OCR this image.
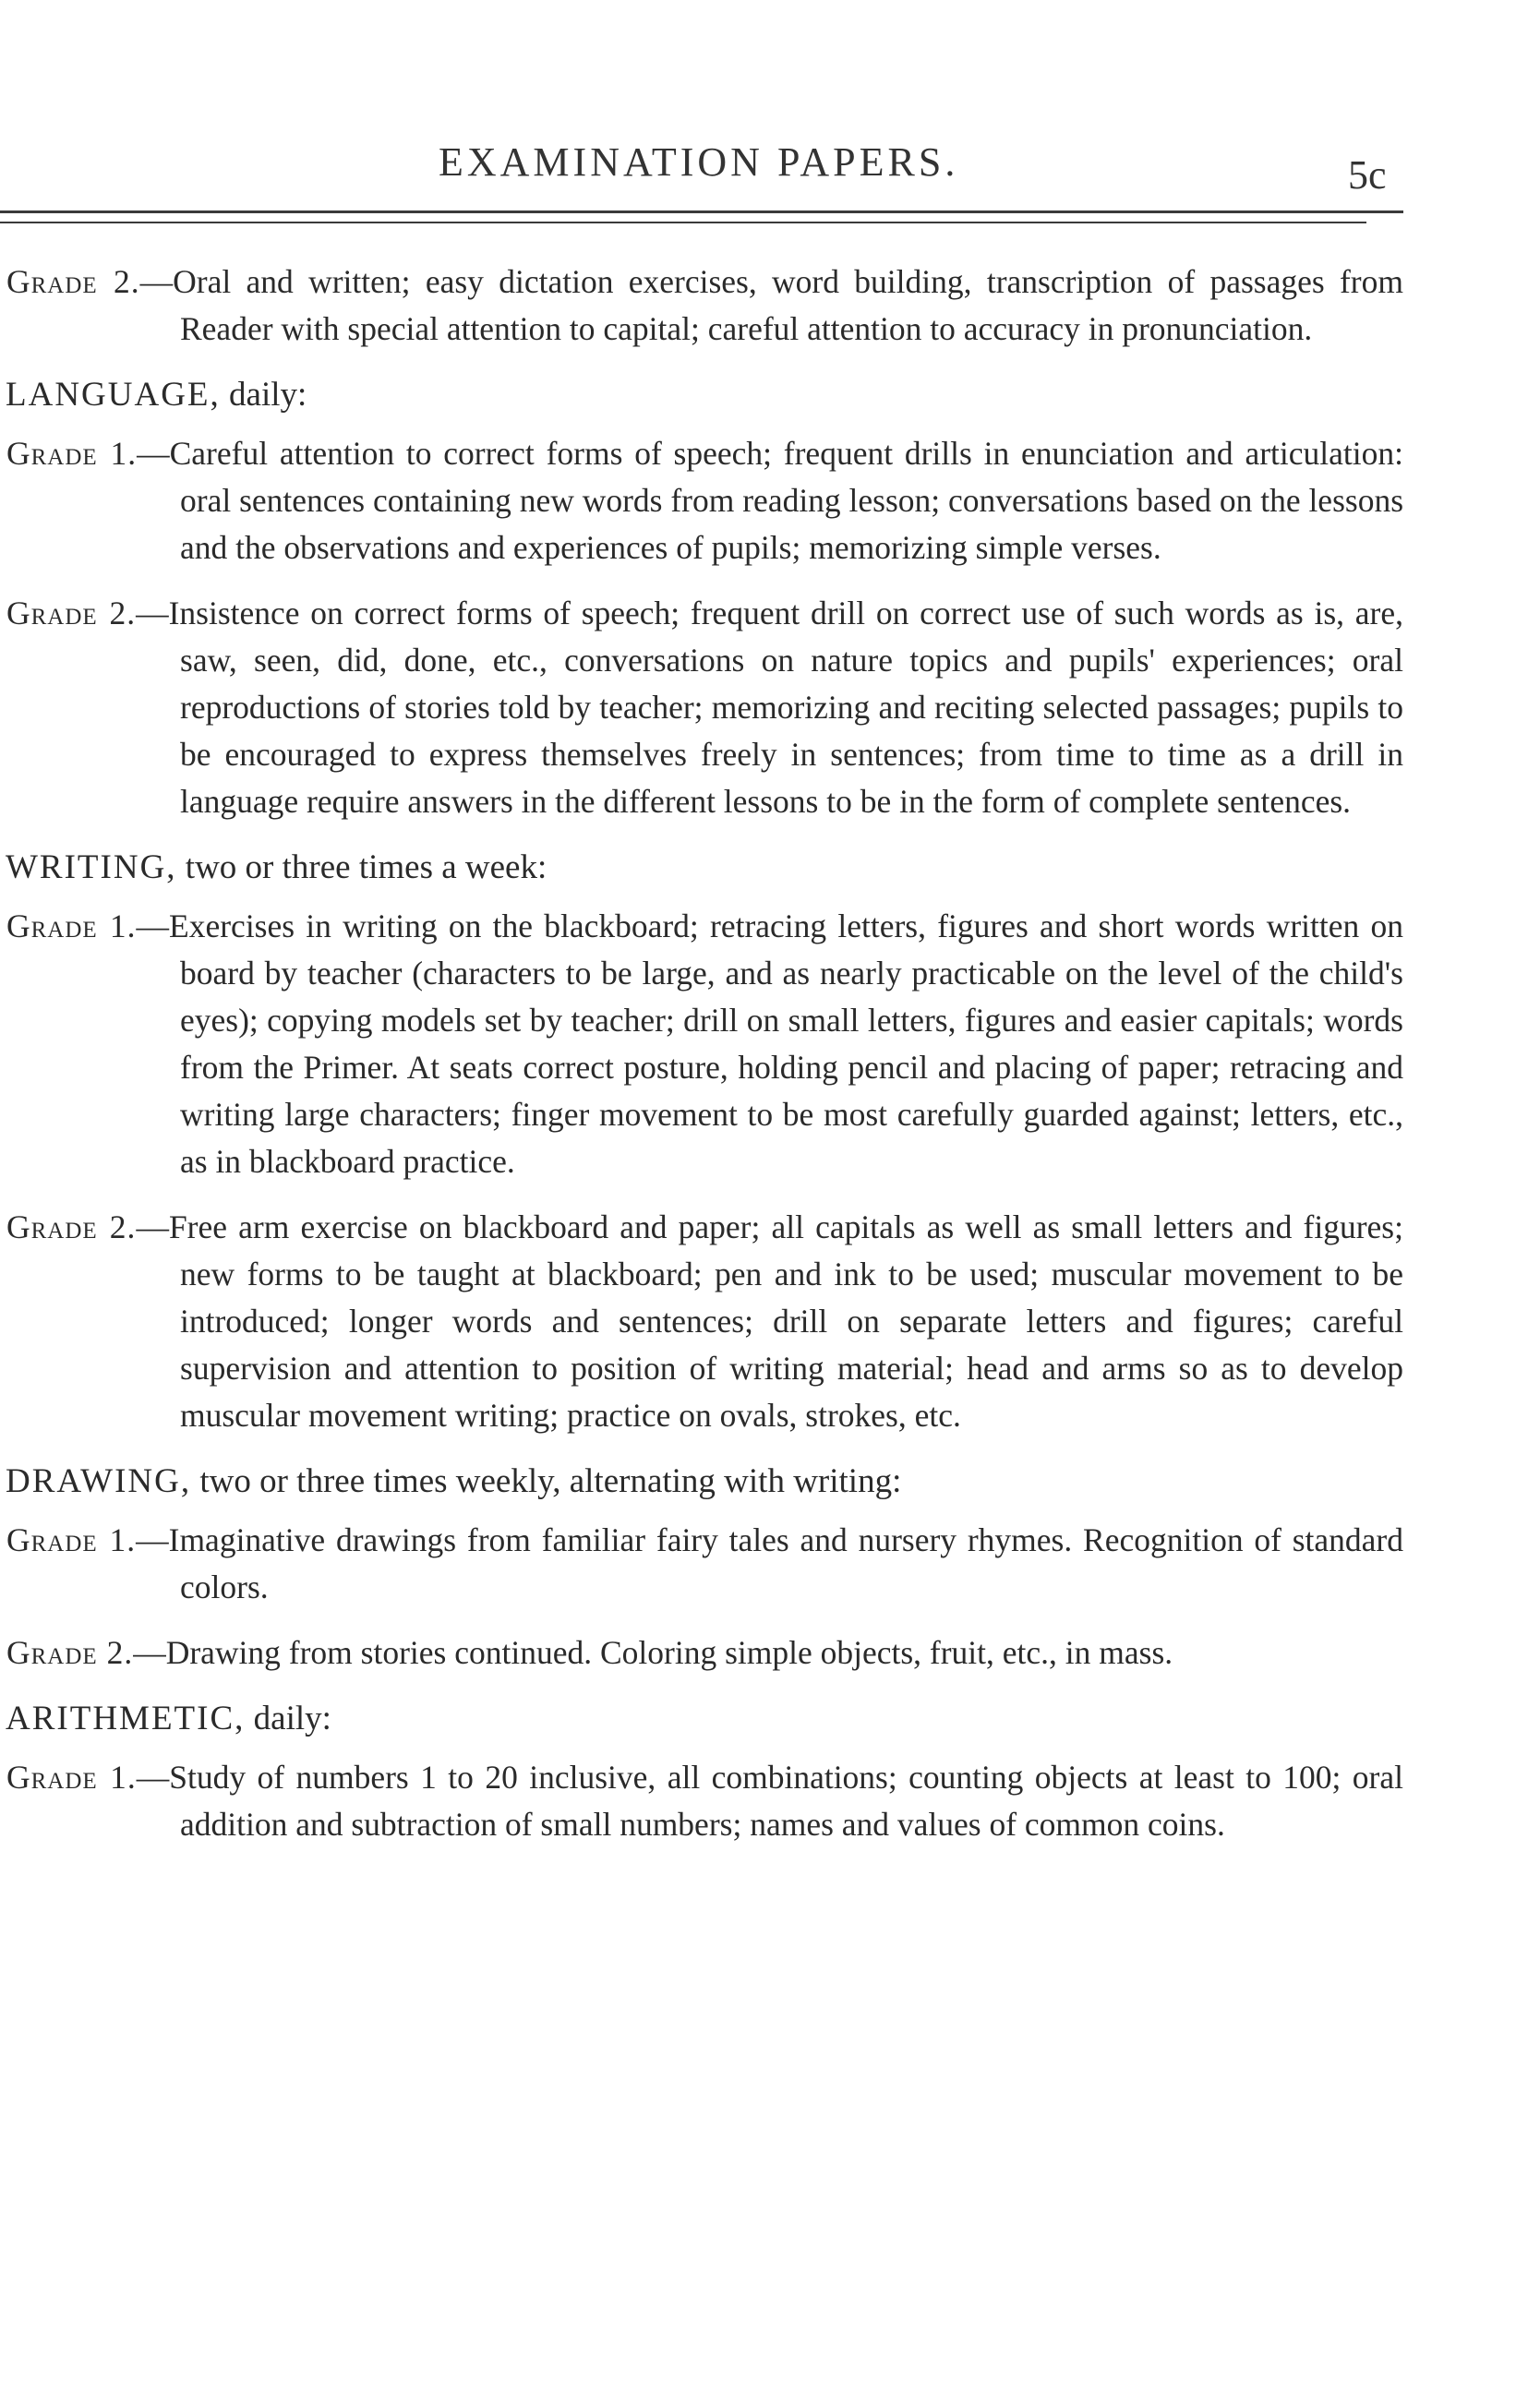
EXAMINATION PAPERS.	5c

Grade 2.—Oral and written; easy dictation exercises, word building, transcription of passages from Reader with special attention to capital; careful attention to accuracy in pronunciation.

LANGUAGE, daily:

Grade 1.—Careful attention to correct forms of speech; frequent drills in enunciation and articulation: oral sentences containing new words from reading lesson; conversations based on the lessons and the observations and experiences of pupils; memorizing simple verses.

Grade 2.—Insistence on correct forms of speech; frequent drill on correct use of such words as is, are, saw, seen, did, done, etc., conversations on nature topics and pupils' experiences; oral reproductions of stories told by teacher; memorizing and reciting selected passages; pupils to be encouraged to express themselves freely in sentences; from time to time as a drill in language require answers in the different lessons to be in the form of complete sentences.

WRITING, two or three times a week:

Grade 1.—Exercises in writing on the blackboard; retracing letters, figures and short words written on board by teacher (characters to be large, and as nearly practicable on the level of the child's eyes); copying models set by teacher; drill on small letters, figures and easier capitals; words from the Primer. At seats correct posture, holding pencil and placing of paper; retracing and writing large characters; finger movement to be most carefully guarded against; letters, etc., as in blackboard practice.

Grade 2.—Free arm exercise on blackboard and paper; all capitals as well as small letters and figures; new forms to be taught at blackboard; pen and ink to be used; muscular movement to be introduced; longer words and sentences; drill on separate letters and figures; careful supervision and attention to position of writing material; head and arms so as to develop muscular movement writing; practice on ovals, strokes, etc.

DRAWING, two or three times weekly, alternating with writing:

Grade 1.—Imaginative drawings from familiar fairy tales and nursery rhymes. Recognition of standard colors.

Grade 2.—Drawing from stories continued. Coloring simple objects, fruit, etc., in mass.

ARITHMETIC, daily:

Grade 1.—Study of numbers 1 to 20 inclusive, all combinations; counting objects at least to 100; oral addition and subtraction of small numbers; names and values of common coins.
